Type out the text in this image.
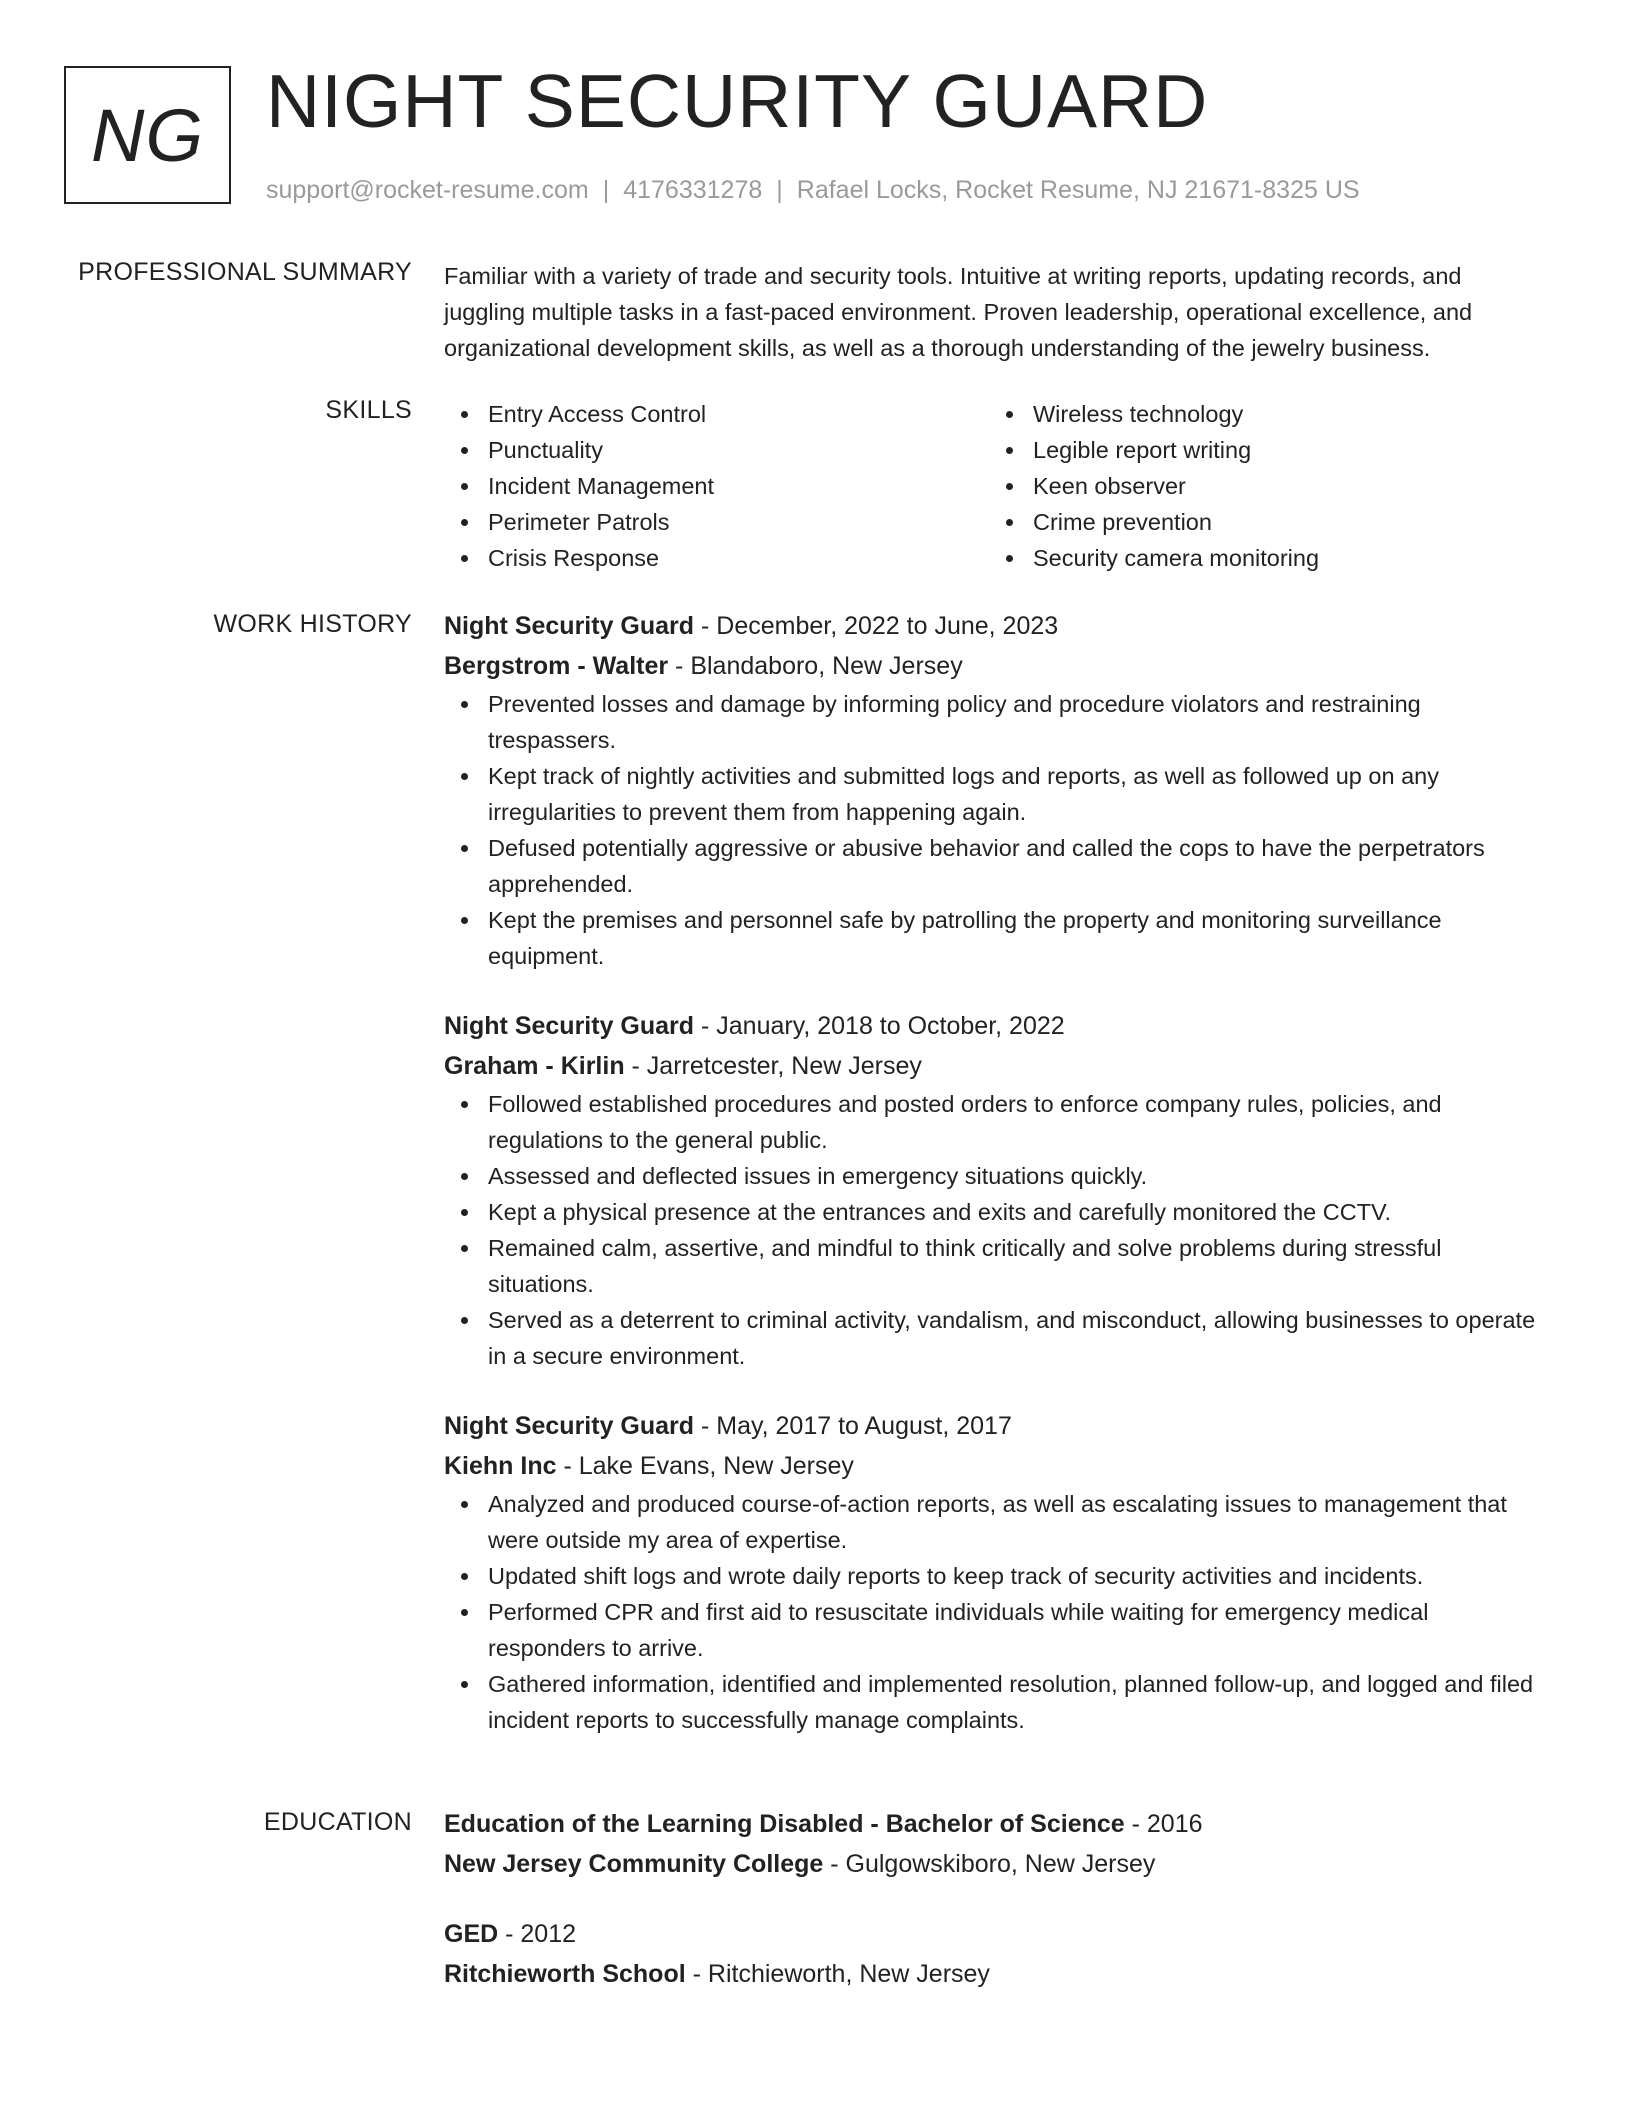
NG NIGHT SECURITY GUARD
support@rocket-resume.com | 4176331278 | Rafael Locks, Rocket Resume, NJ 21671-8325 US
PROFESSIONAL SUMMARY Familiar with a variety of trade and security tools. Intuitive at writing reports, updating records, and juggling multiple tasks in a fast-paced environment. Proven leadership, operational excellence, and organizational development skills, as well as a thorough understanding of the jewelry business.

SKILLS	Entry Access Control
Punctuality
Incident Management
Perimeter Patrols
Crisis Response
Wireless technology
Legible report writing
Keen observer
Crime prevention
Security camera monitoring
WORK HISTORY Night Security Guard - December, 2022 to June, 2023
Bergstrom - Walter - Blandaboro, New Jersey
Prevented losses and damage by informing policy and procedure violators and restraining trespassers.
Kept track of nightly activities and submitted logs and reports, as well as followed up on any irregularities to prevent them from happening again.
Defused potentially aggressive or abusive behavior and called the cops to have the perpetrators apprehended.
Kept the premises and personnel safe by patrolling the property and monitoring surveillance equipment.
Night Security Guard - January, 2018 to October, 2022
Graham - Kirlin - Jarretcester, New Jersey
Followed established procedures and posted orders to enforce company rules, policies, and regulations to the general public.
Assessed and deflected issues in emergency situations quickly.
Kept a physical presence at the entrances and exits and carefully monitored the CCTV.
Remained calm, assertive, and mindful to think critically and solve problems during stressful situations.
Served as a deterrent to criminal activity, vandalism, and misconduct, allowing businesses to operate in a secure environment.
Night Security Guard - May, 2017 to August, 2017
Kiehn Inc - Lake Evans, New Jersey
Analyzed and produced course-of-action reports, as well as escalating issues to management that were outside my area of expertise.
Updated shift logs and wrote daily reports to keep track of security activities and incidents.
Performed CPR and first aid to resuscitate individuals while waiting for emergency medical responders to arrive.
Gathered information, identified and implemented resolution, planned follow-up, and logged and filed incident reports to successfully manage complaints.
EDUCATION Education of the Learning Disabled - Bachelor of Science - 2016
New Jersey Community College - Gulgowskiboro, New Jersey
GED - 2012
Ritchieworth School - Ritchieworth, New Jersey
